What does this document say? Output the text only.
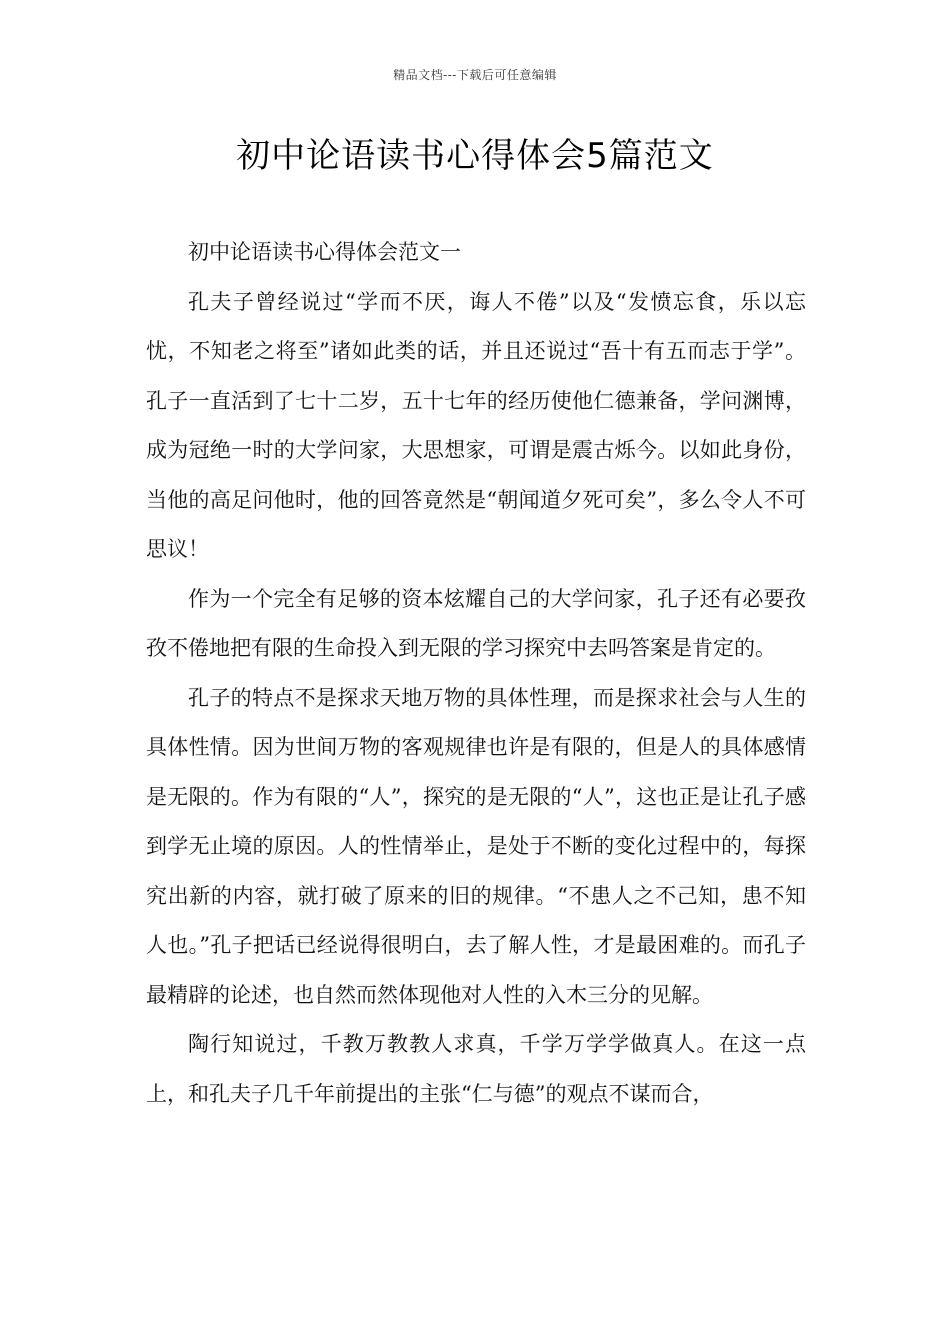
精品文档---下载后可任意编辑
初中论语读书心得体会5篇范文

初中论语读书心得体会范文一

孔夫子曾经说过“学而不厌，诲人不倦”以及“发愤忘食，乐以忘忧，不知老之将至”诸如此类的话，并且还说过“吾十有五而志于学”。孔子一直活到了七十二岁，五十七年的经历使他仁德兼备，学问渊博，成为冠绝一时的大学问家，大思想家，可谓是震古烁今。以如此身份，当他的高足问他时，他的回答竟然是“朝闻道夕死可矣”，多么令人不可思议！

作为一个完全有足够的资本炫耀自己的大学问家，孔子还有必要孜孜不倦地把有限的生命投入到无限的学习探究中去吗答案是肯定的。

孔子的特点不是探求天地万物的具体性理，而是探求社会与人生的具体性情。因为世间万物的客观规律也许是有限的，但是人的具体感情是无限的。作为有限的“人”，探究的是无限的“人”，这也正是让孔子感到学无止境的原因。人的性情举止，是处于不断的变化过程中的，每探究出新的内容，就打破了原来的旧的规律。“不患人之不己知，患不知人也。”孔子把话已经说得很明白，去了解人性，才是最困难的。而孔子最精辟的论述，也自然而然体现他对人性的入木三分的见解。

陶行知说过，千教万教教人求真，千学万学学做真人。在这一点上，和孔夫子几千年前提出的主张“仁与德”的观点不谋而合，
